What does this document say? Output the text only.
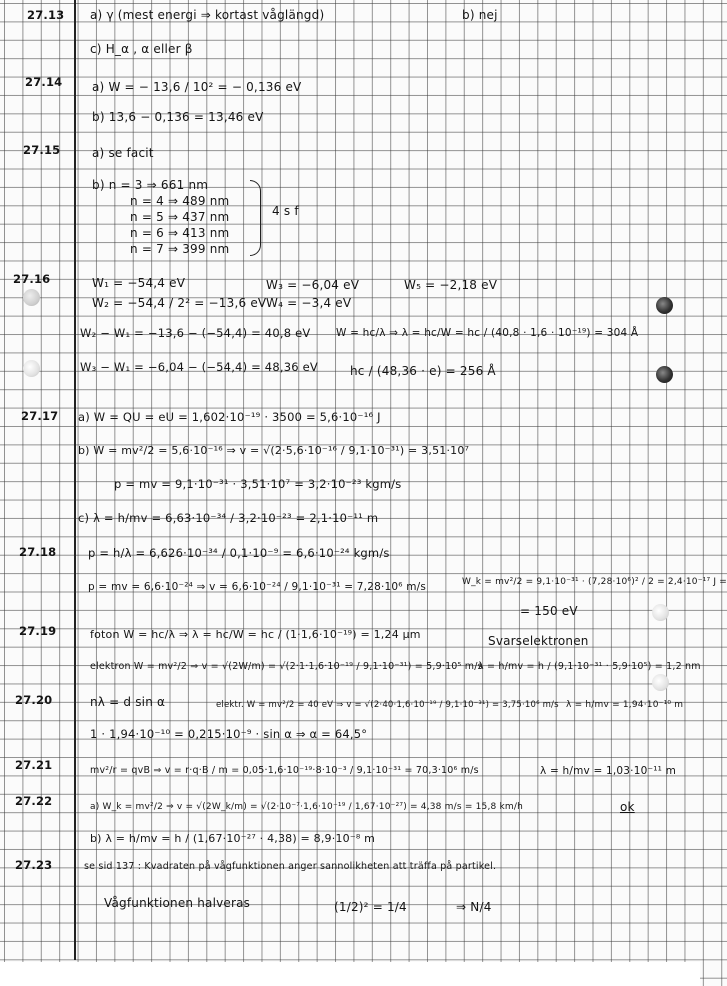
27.13 a) γ (mest energi ⇒ kortast våglängd)	b) nej
c) H_α , α eller β
27.14 a) W = − 13,6 / 10² = − 0,136 eV
b) 13,6 − 0,136 = 13,46 eV
27.15	a) se facit
b) n = 3 ⇒ 661 nm
n = 4 ⇒ 489 nm
n = 5 ⇒ 437 nm
n = 6 ⇒ 413 nm
n = 7 ⇒ 399 nm
4 s f
27.16	W₁ = −54,4 eV
W₂ = −54,4 / 2² = −13,6 eV
W₃ = −6,04 eV
W₄ = −3,4 eV
W₅ = −2,18 eV
W₂ − W₁ = −13,6 − (−54,4) = 40,8 eV W = hc/λ ⇒ λ = hc/W = hc / (40,8 · 1,6 · 10⁻¹⁹) = 304 Å
W₃ − W₁ = −6,04 − (−54,4) = 48,36 eV	hc / (48,36 · e) = 256 Å
27.17 a) W = QU = eU = 1,602·10⁻¹⁹ · 3500 = 5,6·10⁻¹⁶ J
b) W = mv²/2 = 5,6·10⁻¹⁶ ⇒ v = √(2·5,6·10⁻¹⁶ / 9,1·10⁻³¹) = 3,51·10⁷
p = mv = 9,1·10⁻³¹ · 3,51·10⁷ = 3,2·10⁻²³ kgm/s
c) λ = h/mv = 6,63·10⁻³⁴ / 3,2·10⁻²³ = 2,1·10⁻¹¹ m
27.18	p = h/λ = 6,626·10⁻³⁴ / 0,1·10⁻⁹ = 6,6·10⁻²⁴ kgm/s
p = mv = 6,6·10⁻²⁴ ⇒ v = 6,6·10⁻²⁴ / 9,1·10⁻³¹ = 7,28·10⁶ m/s	W_k = mv²/2 = 9,1·10⁻³¹ · (7,28·10⁶)² / 2 = 2,4·10⁻¹⁷ J =
= 150 eV
27.19	foton W = hc/λ ⇒ λ = hc/W = hc / (1·1,6·10⁻¹⁹) = 1,24 µm	Svarselektronen
elektron W = mv²/2 ⇒ v = √(2W/m) = √(2·1·1,6·10⁻¹⁹ / 9,1·10⁻³¹) = 5,9·10⁵ m/s
λ = h/mv = h / (9,1·10⁻³¹ · 5,9·10⁵) = 1,2 nm
27.20	nλ = d sin α	elektr. W = mv²/2 = 40 eV ⇒ v = √(2·40·1,6·10⁻¹⁹ / 9,1·10⁻³¹) = 3,75·10⁶ m/s λ = h/mv = 1,94·10⁻¹⁰ m
1 · 1,94·10⁻¹⁰ = 0,215·10⁻⁹ · sin α ⇒ α = 64,5°
27.21	mv²/r = qvB ⇒ v = r·q·B / m = 0,05·1,6·10⁻¹⁹·8·10⁻³ / 9,1·10⁻³¹ = 70,3·10⁶ m/s	λ = h/mv = 1,03·10⁻¹¹ m
27.22	a) W_k = mv²/2 ⇒ v = √(2W_k/m) = √(2·10⁻⁷·1,6·10⁻¹⁹ / 1,67·10⁻²⁷) = 4,38 m/s = 15,8 km/h	ok
b) λ = h/mv = h / (1,67·10⁻²⁷ · 4,38) = 8,9·10⁻⁸ m
27.23	se sid 137 : Kvadraten på vågfunktionen anger sannolikheten att träffa på partikel.
Vågfunktionen halveras	(1/2)² = 1/4	⇒ N/4
